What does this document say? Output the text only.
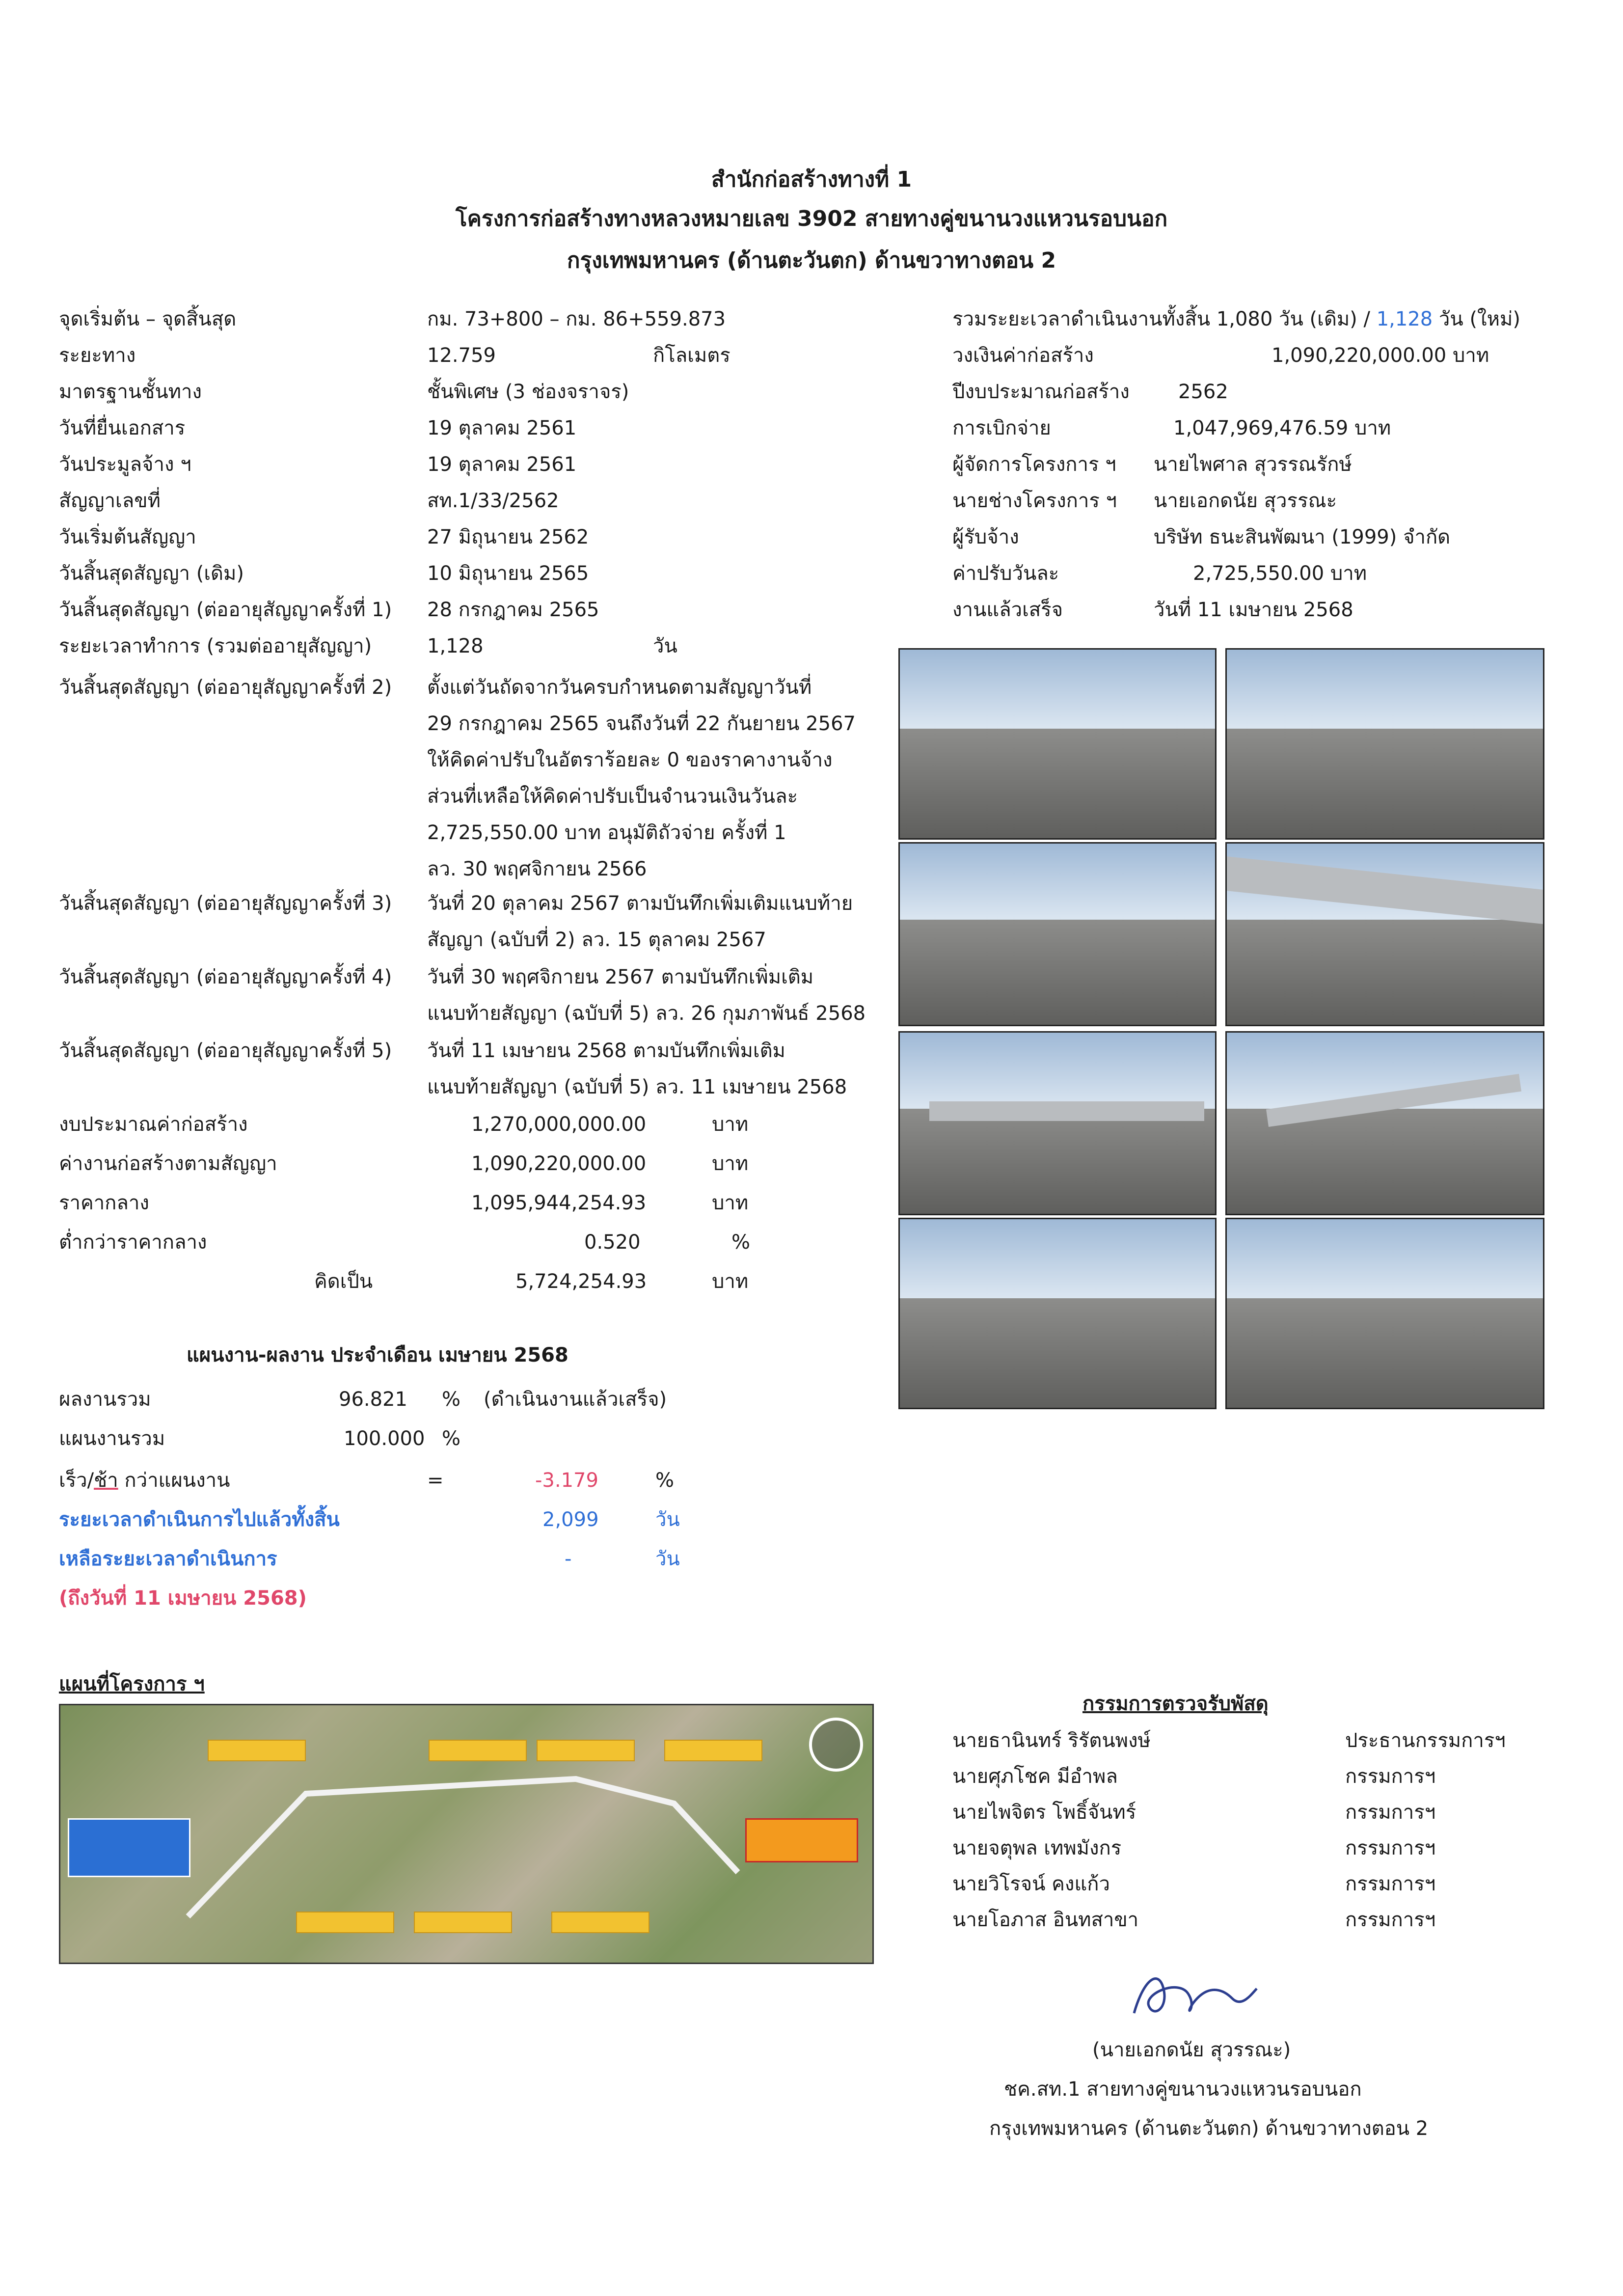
สำนักก่อสร้างทางที่ 1
โครงการก่อสร้างทางหลวงหมายเลข 3902 สายทางคู่ขนานวงแหวนรอบนอก
กรุงเทพมหานคร (ด้านตะวันตก) ด้านขวาทางตอน 2
จุดเริ่มต้น – จุดสิ้นสุด	กม. 73+800 – กม. 86+559.873
ระยะทาง	12.759	กิโลเมตร
มาตรฐานชั้นทาง	ชั้นพิเศษ (3 ช่องจราจร)
วันที่ยื่นเอกสาร	19 ตุลาคม 2561
วันประมูลจ้าง ฯ	19 ตุลาคม 2561
สัญญาเลขที่	สท.1/33/2562
วันเริ่มต้นสัญญา	27 มิถุนายน 2562
วันสิ้นสุดสัญญา (เดิม)	10 มิถุนายน 2565
วันสิ้นสุดสัญญา (ต่ออายุสัญญาครั้งที่ 1) 28 กรกฎาคม 2565
ระยะเวลาทำการ (รวมต่ออายุสัญญา)	1,128	วัน
วันสิ้นสุดสัญญา (ต่ออายุสัญญาครั้งที่ 2) ตั้งแต่วันถัดจากวันครบกำหนดตามสัญญาวันที่
29 กรกฎาคม 2565 จนถึงวันที่ 22 กันยายน 2567
ให้คิดค่าปรับในอัตราร้อยละ 0 ของราคางานจ้าง
ส่วนที่เหลือให้คิดค่าปรับเป็นจำนวนเงินวันละ
2,725,550.00 บาท อนุมัติถัวจ่าย ครั้งที่ 1
ลว. 30 พฤศจิกายน 2566
วันสิ้นสุดสัญญา (ต่ออายุสัญญาครั้งที่ 3) วันที่ 20 ตุลาคม 2567 ตามบันทึกเพิ่มเติมแนบท้าย
สัญญา (ฉบับที่ 2) ลว. 15 ตุลาคม 2567
วันสิ้นสุดสัญญา (ต่ออายุสัญญาครั้งที่ 4) วันที่ 30 พฤศจิกายน 2567 ตามบันทึกเพิ่มเติม
แนบท้ายสัญญา (ฉบับที่ 5) ลว. 26 กุมภาพันธ์ 2568
วันสิ้นสุดสัญญา (ต่ออายุสัญญาครั้งที่ 5) วันที่ 11 เมษายน 2568 ตามบันทึกเพิ่มเติม
แนบท้ายสัญญา (ฉบับที่ 5) ลว. 11 เมษายน 2568
งบประมาณค่าก่อสร้าง	1,270,000,000.00	บาท
ค่างานก่อสร้างตามสัญญา	1,090,220,000.00	บาท
ราคากลาง	1,095,944,254.93	บาท
ต่ำกว่าราคากลาง	0.520	%
คิดเป็น	5,724,254.93	บาท
รวมระยะเวลาดำเนินงานทั้งสิ้น 1,080 วัน (เดิม) / 1,128 วัน (ใหม่)
วงเงินค่าก่อสร้าง	1,090,220,000.00 บาท
ปีงบประมาณก่อสร้าง 2562
การเบิกจ่าย	1,047,969,476.59 บาท
ผู้จัดการโครงการ ฯ นายไพศาล สุวรรณรักษ์
นายช่างโครงการ ฯ นายเอกดนัย สุวรรณะ
ผู้รับจ้าง	บริษัท ธนะสินพัฒนา (1999) จำกัด
ค่าปรับวันละ	2,725,550.00 บาท
งานแล้วเสร็จ	วันที่ 11 เมษายน 2568
แผนงาน-ผลงาน ประจำเดือน เมษายน 2568
ผลงานรวม	96.821 % (ดำเนินงานแล้วเสร็จ)
แผนงานรวม	100.000 %
เร็ว/ช้า กว่าแผนงาน	=	-3.179	%
ระยะเวลาดำเนินการไปแล้วทั้งสิ้น	2,099	วัน
เหลือระยะเวลาดำเนินการ	-	วัน
(ถึงวันที่ 11 เมษายน 2568)
แผนที่โครงการ ฯ
กรรมการตรวจรับพัสดุ
นายธานินทร์ ริรัตนพงษ์	ประธานกรรมการฯ
นายศุภโชค มีอำพล	กรรมการฯ
นายไพจิตร โพธิ์จันทร์	กรรมการฯ
นายจตุพล เทพมังกร	กรรมการฯ
นายวิโรจน์ คงแก้ว	กรรมการฯ
นายโอภาส อินทสาขา	กรรมการฯ
(นายเอกดนัย สุวรรณะ)
ชค.สท.1 สายทางคู่ขนานวงแหวนรอบนอก
กรุงเทพมหานคร (ด้านตะวันตก) ด้านขวาทางตอน 2
